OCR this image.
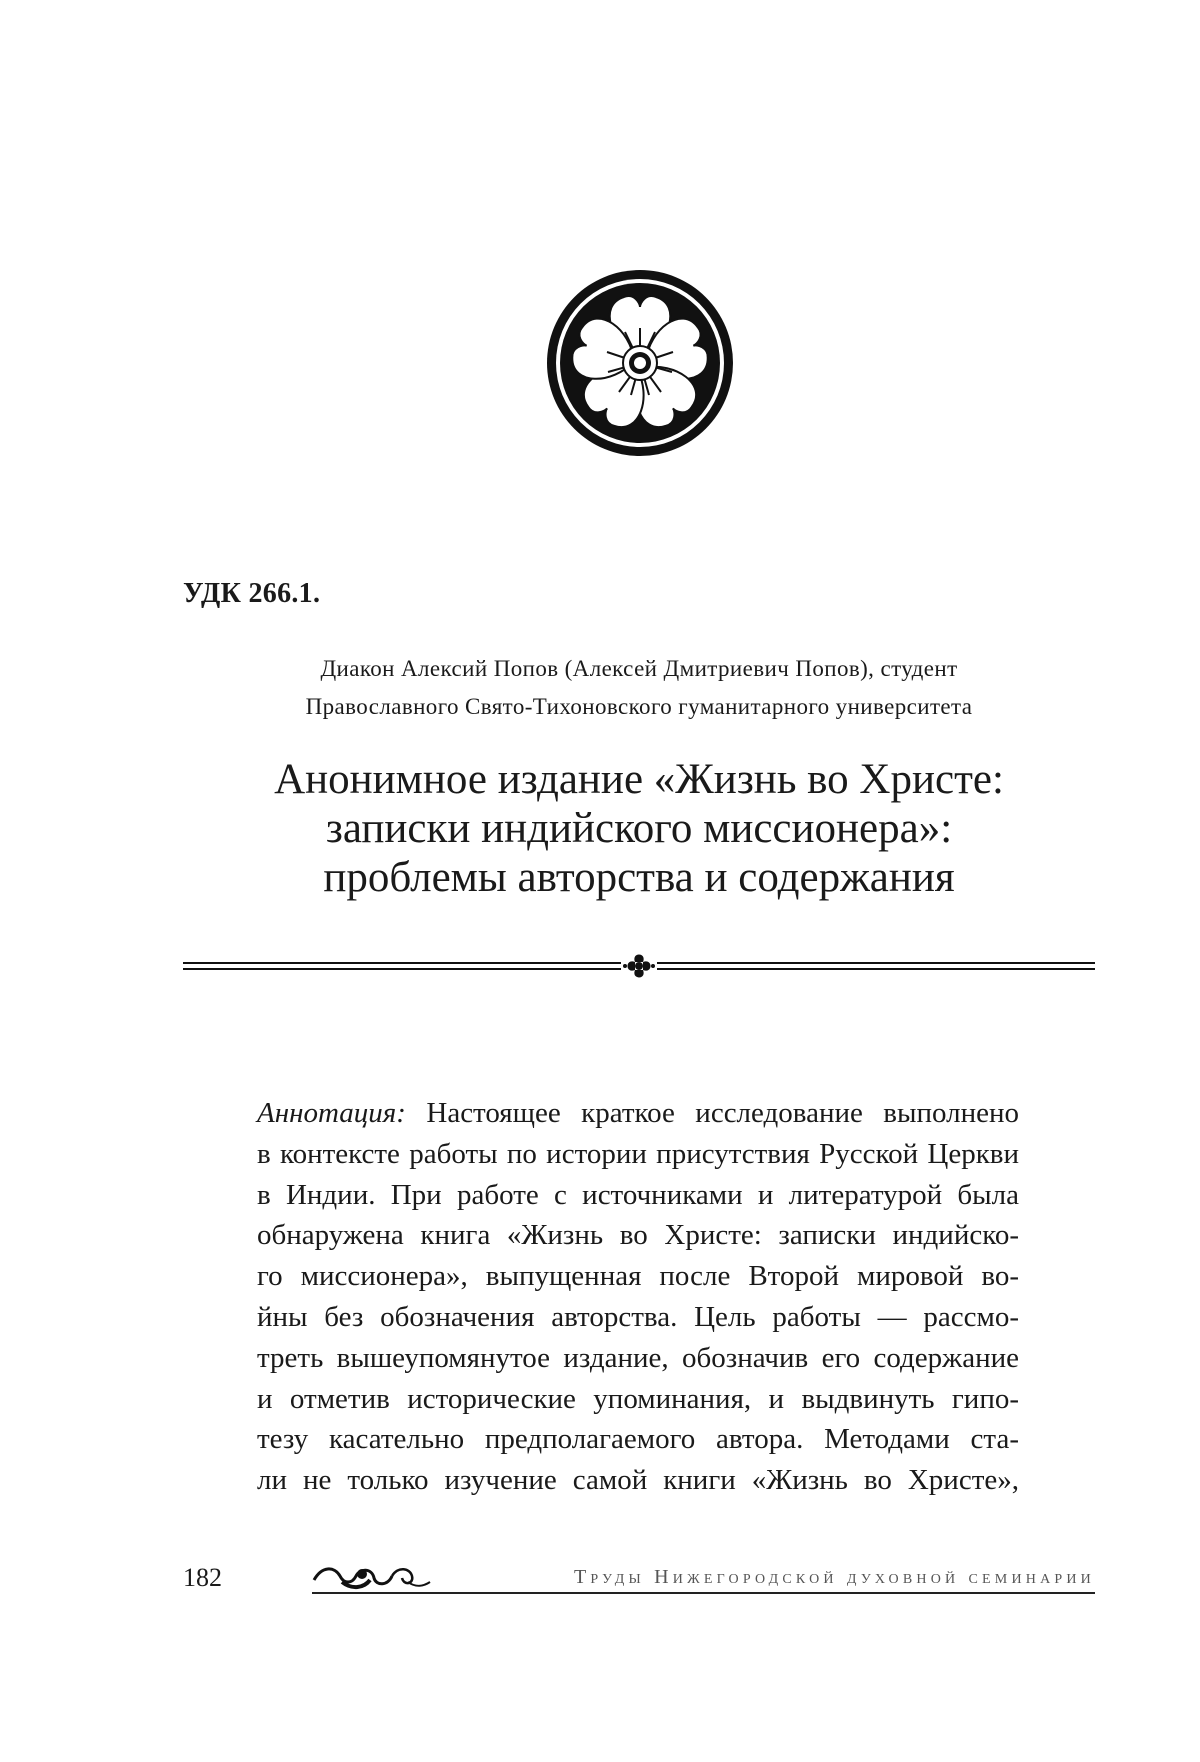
УДК 266.1.
Диакон Алексий Попов (Алексей Дмитриевич Попов), студент
Православного Свято-Тихоновского гуманитарного университета
Анонимное издание «Жизнь во Христе:
записки индийского миссионера»:
проблемы авторства и содержания
Аннотация: Настоящее краткое исследование выполнено
в контексте работы по истории присутствия Русской Церкви
в Индии. При работе с источниками и литературой была
обнаружена книга «Жизнь во Христе: записки индийско-
го миссионера», выпущенная после Второй мировой во-
йны без обозначения авторства. Цель работы — рассмо-
треть вышеупомянутое издание, обозначив его содержание
и отметив исторические упоминания, и выдвинуть гипо-
тезу касательно предполагаемого автора. Методами ста-
ли не только изучение самой книги «Жизнь во Христе»,
182	Труды Нижегородской духовной семинарии
